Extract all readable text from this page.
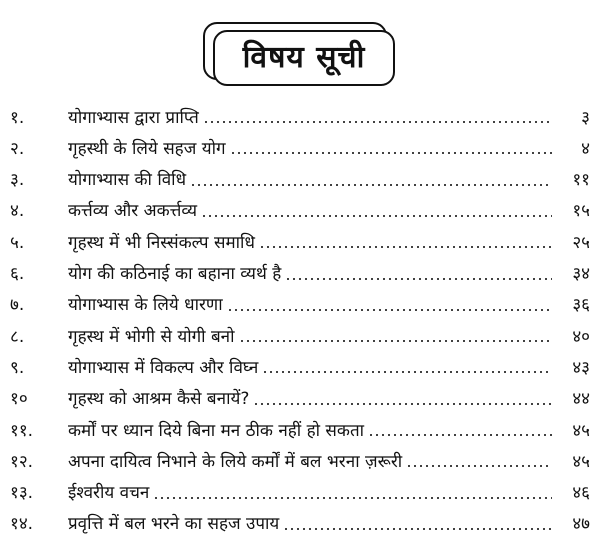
विषय सूची
१.	योगाभ्यास द्वारा प्राप्ति	३
२.	गृहस्थी के लिये सहज योग	४
३.	योगाभ्यास की विधि	११
४.	कर्त्तव्य और अकर्त्तव्य	१५
५.	गृहस्थ में भी निस्संकल्प समाधि	२५
६.	योग की कठिनाई का बहाना व्यर्थ है	३४
७.	योगाभ्यास के लिये धारणा	३६
८.	गृहस्थ में भोगी से योगी बनो	४०
९.	योगाभ्यास में विकल्प और विघ्न	४३
१०	गृहस्थ को आश्रम कैसे बनायें?	४४
११.	कर्मों पर ध्यान दिये बिना मन ठीक नहीं हो सकता	४५
१२.	अपना दायित्व निभाने के लिये कर्मों में बल भरना ज़रूरी	४५
१३.	ईश्वरीय वचन	४६
१४.	प्रवृत्ति में बल भरने का सहज उपाय	४७
